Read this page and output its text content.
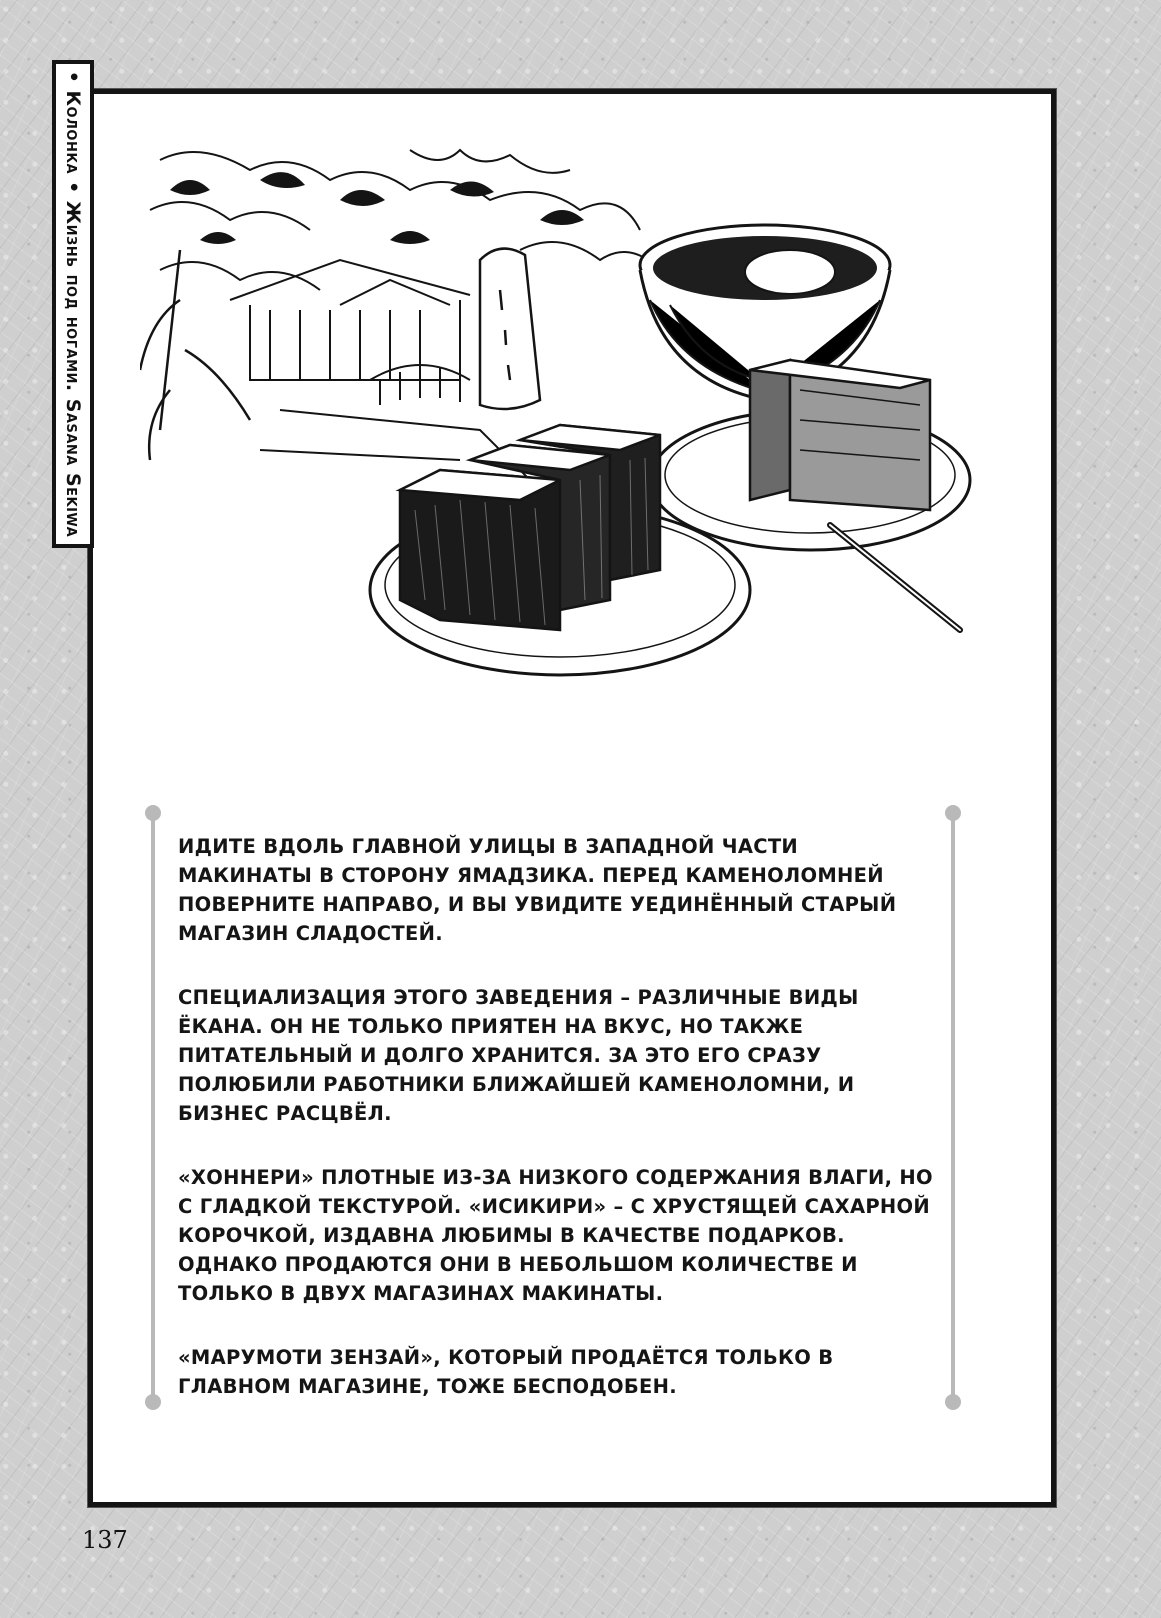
• Колонка • Жизнь под ногами. Sasana Sekiwa

ИДИТЕ ВДОЛЬ ГЛАВНОЙ УЛИЦЫ В ЗАПАДНОЙ ЧАСТИ МАКИНАТЫ В СТОРОНУ ЯМАДЗИКА. ПЕРЕД КАМЕНОЛОМНЕЙ ПОВЕРНИТЕ НАПРАВО, И ВЫ УВИДИТЕ УЕДИНЁННЫЙ СТАРЫЙ МАГАЗИН СЛАДОСТЕЙ.

СПЕЦИАЛИЗАЦИЯ ЭТОГО ЗАВЕДЕНИЯ – РАЗЛИЧНЫЕ ВИДЫ ЁКАНА. ОН НЕ ТОЛЬКО ПРИЯТЕН НА ВКУС, НО ТАКЖЕ ПИТАТЕЛЬНЫЙ И ДОЛГО ХРАНИТСЯ. ЗА ЭТО ЕГО СРАЗУ ПОЛЮБИЛИ РАБОТНИКИ БЛИЖАЙШЕЙ КАМЕНОЛОМНИ, И БИЗНЕС РАСЦВЁЛ.

«ХОННЕРИ» ПЛОТНЫЕ ИЗ-ЗА НИЗКОГО СОДЕРЖАНИЯ ВЛАГИ, НО С ГЛАДКОЙ ТЕКСТУРОЙ. «ИСИКИРИ» – С ХРУСТЯЩЕЙ САХАРНОЙ КОРОЧКОЙ, ИЗДАВНА ЛЮБИМЫ В КАЧЕСТВЕ ПОДАРКОВ. ОДНАКО ПРОДАЮТСЯ ОНИ В НЕБОЛЬШОМ КОЛИЧЕСТВЕ И ТОЛЬКО В ДВУХ МАГАЗИНАХ МАКИНАТЫ.

«МАРУМОТИ ЗЕНЗАЙ», КОТОРЫЙ ПРОДАЁТСЯ ТОЛЬКО В ГЛАВНОМ МАГАЗИНЕ, ТОЖЕ БЕСПОДОБЕН.

137
